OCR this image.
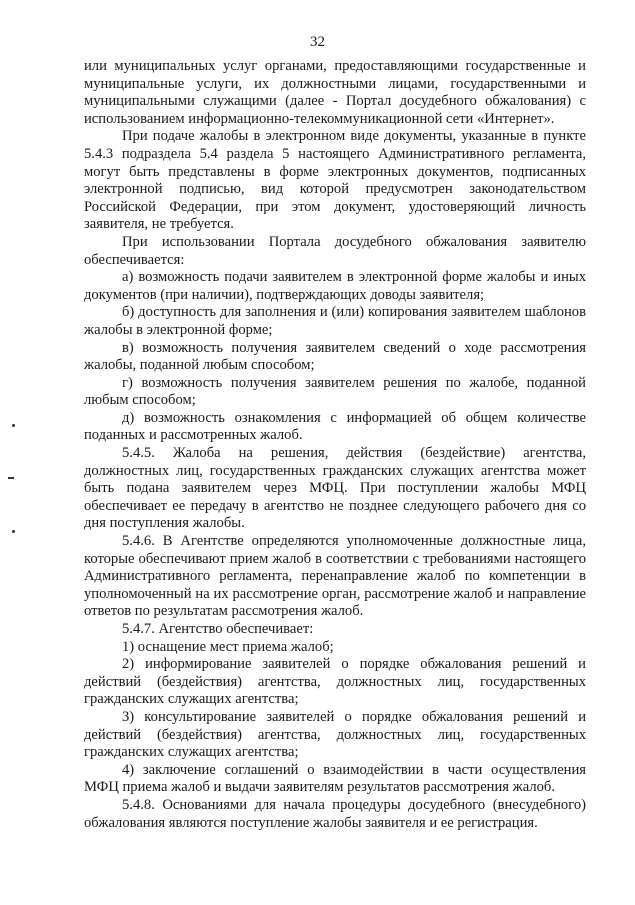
32

или муниципальных услуг органами, предоставляющими государственные и муниципальные услуги, их должностными лицами, государственными и муниципальными служащими (далее - Портал досудебного обжалования) с использованием информационно-телекоммуникационной сети «Интернет».

При подаче жалобы в электронном виде документы, указанные в пункте 5.4.3 подраздела 5.4 раздела 5 настоящего Административного регламента, могут быть представлены в форме электронных документов, подписанных электронной подписью, вид которой предусмотрен законодательством Российской Федерации, при этом документ, удостоверяющий личность заявителя, не требуется.

При использовании Портала досудебного обжалования заявителю обеспечивается:

а) возможность подачи заявителем в электронной форме жалобы и иных документов (при наличии), подтверждающих доводы заявителя;

б) доступность для заполнения и (или) копирования заявителем шаблонов жалобы в электронной форме;

в) возможность получения заявителем сведений о ходе рассмотрения жалобы, поданной любым способом;

г) возможность получения заявителем решения по жалобе, поданной любым способом;

д) возможность ознакомления с информацией об общем количестве поданных и рассмотренных жалоб.

5.4.5. Жалоба на решения, действия (бездействие) агентства, должностных лиц, государственных гражданских служащих агентства может быть подана заявителем через МФЦ. При поступлении жалобы МФЦ обеспечивает ее передачу в агентство не позднее следующего рабочего дня со дня поступления жалобы.

5.4.6. В Агентстве определяются уполномоченные должностные лица, которые обеспечивают прием жалоб в соответствии с требованиями настоящего Административного регламента, перенаправление жалоб по компетенции в уполномоченный на их рассмотрение орган, рассмотрение жалоб и направление ответов по результатам рассмотрения жалоб.

5.4.7. Агентство обеспечивает:

1) оснащение мест приема жалоб;

2) информирование заявителей о порядке обжалования решений и действий (бездействия) агентства, должностных лиц, государственных гражданских служащих агентства;

3) консультирование заявителей о порядке обжалования решений и действий (бездействия) агентства, должностных лиц, государственных гражданских служащих агентства;

4) заключение соглашений о взаимодействии в части осуществления МФЦ приема жалоб и выдачи заявителям результатов рассмотрения жалоб.

5.4.8. Основаниями для начала процедуры досудебного (внесудебного) обжалования являются поступление жалобы заявителя и ее регистрация.
